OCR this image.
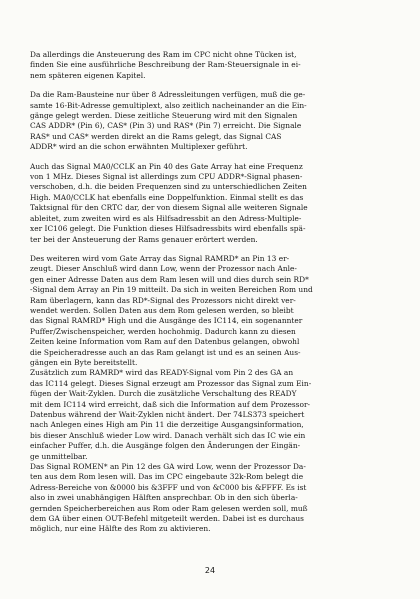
Da allerdings die Ansteuerung des Ram im CPC nicht ohne Tücken ist,
finden Sie eine ausführliche Beschreibung der Ram-Steuersignale in ei-
nem späteren eigenen Kapitel.

Da die Ram-Bausteine nur über 8 Adressleitungen verfügen, muß die ge-
samte 16-Bit-Adresse gemultiplext, also zeitlich nacheinander an die Ein-
gänge gelegt werden. Diese zeitliche Steuerung wird mit den Signalen
CAS ADDR* (Pin 6), CAS* (Pin 3) und RAS* (Pin 7) erreicht. Die Signale
RAS* und CAS* werden direkt an die Rams gelegt, das Signal CAS
ADDR* wird an die schon erwähnten Multiplexer geführt.

Auch das Signal MA0/CCLK an Pin 40 des Gate Array hat eine Frequenz
von 1 MHz. Dieses Signal ist allerdings zum CPU ADDR*-Signal phasen-
verschoben, d.h. die beiden Frequenzen sind zu unterschiedlichen Zeiten
High. MA0/CCLK hat ebenfalls eine Doppelfunktion. Einmal stellt es das
Taktsignal für den CRTC dar, der von diesem Signal alle weiteren Signale
ableitet, zum zweiten wird es als Hilfsadressbit an den Adress-Multiple-
xer IC106 gelegt. Die Funktion dieses Hilfsadressbits wird ebenfalls spä-
ter bei der Ansteuerung der Rams genauer erörtert werden.

Des weiteren wird vom Gate Array das Signal RAMRD* an Pin 13 er-
zeugt. Dieser Anschluß wird dann Low, wenn der Prozessor nach Anle-
gen einer Adresse Daten aus dem Ram lesen will und dies durch sein RD*
-Signal dem Array an Pin 19 mitteilt. Da sich in weiten Bereichen Rom und
Ram überlagern, kann das RD*-Signal des Prozessors nicht direkt ver-
wendet werden. Sollen Daten aus dem Rom gelesen werden, so bleibt
das Signal RAMRD* High und die Ausgänge des IC114, ein sogenannter
Puffer/Zwischenspeicher, werden hochohmig. Dadurch kann zu diesen
Zeiten keine Information vom Ram auf den Datenbus gelangen, obwohl
die Speicheradresse auch an das Ram gelangt ist und es an seinen Aus-
gängen ein Byte bereitstellt.
Zusätzlich zum RAMRD* wird das READY-Signal vom Pin 2 des GA an
das IC114 gelegt. Dieses Signal erzeugt am Prozessor das Signal zum Ein-
fügen der Wait-Zyklen. Durch die zusätzliche Verschaltung des READY
mit dem IC114 wird erreicht, daß sich die Information auf dem Prozessor-
Datenbus während der Wait-Zyklen nicht ändert. Der 74LS373 speichert
nach Anlegen eines High am Pin 11 die derzeitige Ausgangsinformation,
bis dieser Anschluß wieder Low wird. Danach verhält sich das IC wie ein
einfacher Puffer, d.h. die Ausgänge folgen den Änderungen der Eingän-
ge unmittelbar.
Das Signal ROMEN* an Pin 12 des GA wird Low, wenn der Prozessor Da-
ten aus dem Rom lesen will. Das im CPC eingebaute 32k-Rom belegt die
Adress-Bereiche von &0000 bis &3FFF und von &C000 bis &FFFF. Es ist
also in zwei unabhängigen Hälften ansprechbar. Ob in den sich überla-
gernden Speicherbereichen aus Rom oder Ram gelesen werden soll, muß
dem GA über einen OUT-Befehl mitgeteilt werden. Dabei ist es durchaus
möglich, nur eine Hälfte des Rom zu aktivieren.

24
